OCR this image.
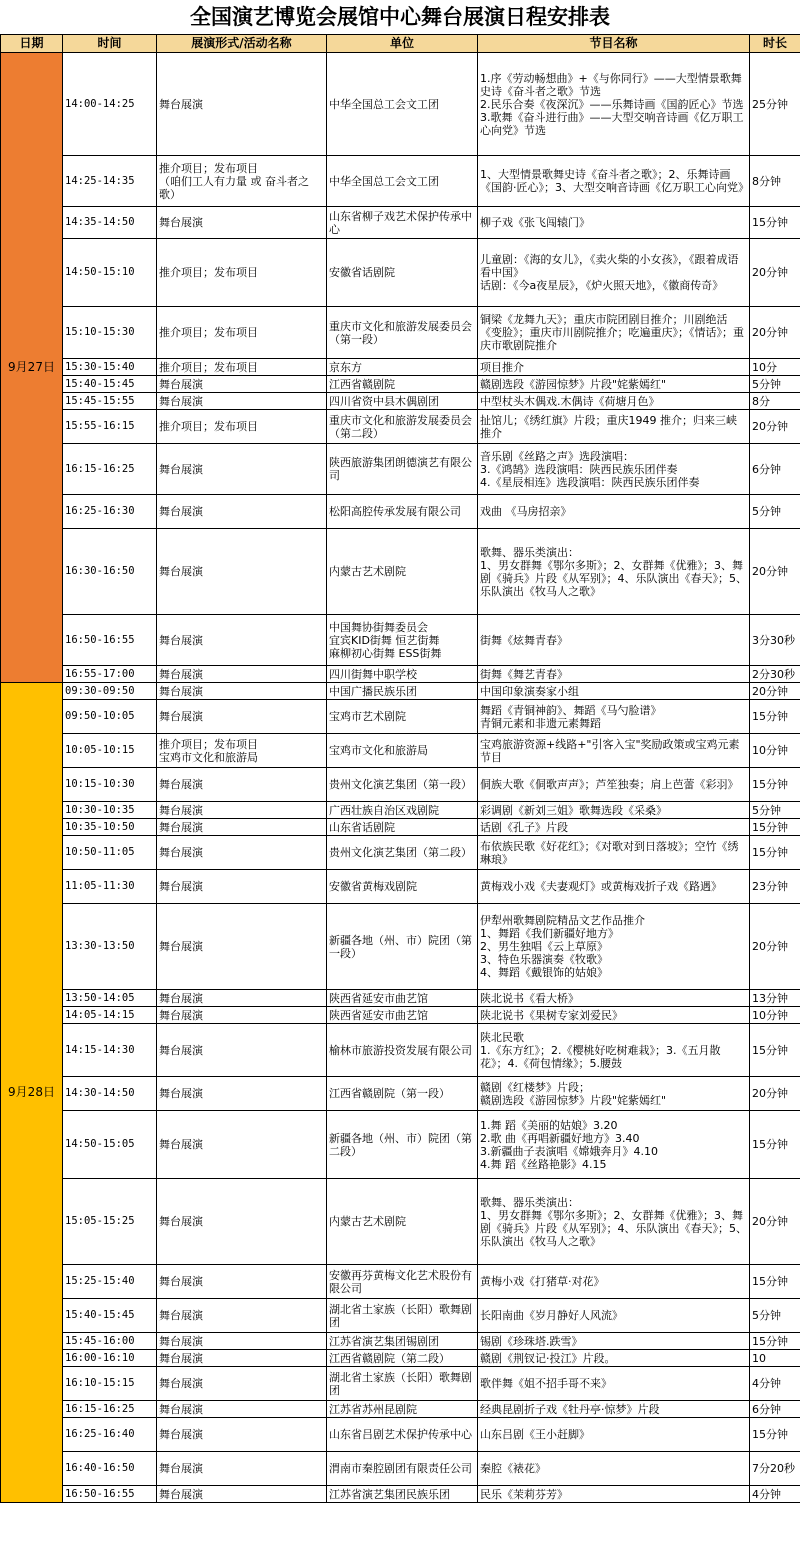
全国演艺博览会展馆中心舞台展演日程安排表
日期	时间	展演形式/活动名称	单位	节目名称	时长
9月27日	14:00-14:25	舞台展演	中华全国总工会文工团	1.序《劳动畅想曲》+《与你同行》——大型情景歌舞史诗《奋斗者之歌》节选
2.民乐合奏《夜深沉》——乐舞诗画《国韵匠心》节选
3.歌舞《奋斗进行曲》——大型交响音诗画《亿万职工心向党》节选	25分钟
	14:25-14:35	推介项目；发布项目
（咱们工人有力量 或 奋斗者之歌）	中华全国总工会文工团	1、大型情景歌舞史诗《奋斗者之歌》；2、乐舞诗画《国韵·匠心》；3、大型交响音诗画《亿万职工心向党》	8分钟
	14:35-14:50	舞台展演	山东省柳子戏艺术保护传承中心	柳子戏《张飞闯辕门》	15分钟
	14:50-15:10	推介项目；发布项目	安徽省话剧院	儿童剧：《海的女儿》，《卖火柴的小女孩》，《跟着成语看中国》
话剧：《今a夜星辰》，《炉火照天地》，《徽商传奇》	20分钟
	15:10-15:30	推介项目；发布项目	重庆市文化和旅游发展委员会（第一段）	铜梁《龙舞九天》；重庆市院团剧目推介；川剧绝活《变脸》；重庆市川剧院推介；吃遍重庆》；《情话》；重庆市歌剧院推介	20分钟
	15:30-15:40	推介项目；发布项目	京东方	项目推介	10分
	15:40-15:45	舞台展演	江西省赣剧院	赣剧选段《游园惊梦》片段"姹紫嫣红"	5分钟
	15:45-15:55	舞台展演	四川省资中县木偶剧团	中型杖头木偶戏.木偶诗《荷塘月色》	8分
	15:55-16:15	推介项目；发布项目	重庆市文化和旅游发展委员会（第二段）	扯馆儿；《绣红旗》片段；重庆1949 推介；归来三峡 推介	20分钟
	16:15-16:25	舞台展演	陕西旅游集团朗德演艺有限公司	音乐剧《丝路之声》选段演唱：
3.《鸿鹄》选段演唱：陕西民族乐团伴奏
4.《星辰相连》选段演唱：陕西民族乐团伴奏	6分钟
	16:25-16:30	舞台展演	松阳高腔传承发展有限公司	戏曲 《马房招亲》	5分钟
	16:30-16:50	舞台展演	内蒙古艺术剧院	歌舞、器乐类演出：
1、男女群舞《鄂尔多斯》；2、女群舞《优雅》；3、舞剧《骑兵》片段《从军别》；4、乐队演出《春天》；5、乐队演出《牧马人之歌》	20分钟
	16:50-16:55	舞台展演	中国舞协街舞委员会
宜宾KID街舞 恒艺街舞
麻柳初心街舞 ESS街舞	街舞《炫舞青春》	3分30秒
	16:55-17:00	舞台展演	四川街舞中职学校	街舞《舞艺青春》	2分30秒
9月28日	09:30-09:50	舞台展演	中国广播民族乐团	中国印象演奏家小组	20分钟
	09:50-10:05	舞台展演	宝鸡市艺术剧院	舞蹈《青铜神韵》、舞蹈《马勺脸谱》
青铜元素和非遗元素舞蹈	15分钟
	10:05-10:15	推介项目；发布项目
宝鸡市文化和旅游局	宝鸡市文化和旅游局	宝鸡旅游资源+线路+"引客入宝"奖励政策或宝鸡元素节目	10分钟
	10:15-10:30	舞台展演	贵州文化演艺集团（第一段）	侗族大歌《侗歌声声》；芦笙独奏；肩上芭蕾《彩羽》	15分钟
	10:30-10:35	舞台展演	广西壮族自治区戏剧院	彩调剧《新刘三姐》歌舞选段《采桑》	5分钟
	10:35-10:50	舞台展演	山东省话剧院	话剧《孔子》片段	15分钟
	10:50-11:05	舞台展演	贵州文化演艺集团（第二段）	布依族民歌《好花红》；《对歌对到日落坡》；空竹《绣琳琅》	15分钟
	11:05-11:30	舞台展演	安徽省黄梅戏剧院	黄梅戏小戏《夫妻观灯》或黄梅戏折子戏《路遇》	23分钟
	13:30-13:50	舞台展演	新疆各地（州、市）院团（第一段）	伊犁州歌舞剧院精品文艺作品推介
1、舞蹈《我们新疆好地方》
2、男生独唱《云上草原》
3、特色乐器演奏《牧歌》
4、舞蹈《戴银饰的姑娘》	20分钟
	13:50-14:05	舞台展演	陕西省延安市曲艺馆	陕北说书《看大桥》	13分钟
	14:05-14:15	舞台展演	陕西省延安市曲艺馆	陕北说书《果树专家刘爱民》	10分钟
	14:15-14:30	舞台展演	榆林市旅游投资发展有限公司	陕北民歌
1.《东方红》；2.《樱桃好吃树难栽》；3.《五月散花》；4.《荷包情缘》；5.腰鼓	15分钟
	14:30-14:50	舞台展演	江西省赣剧院（第一段）	赣剧《红楼梦》片段；
赣剧选段《游园惊梦》片段"姹紫嫣红"	20分钟
	14:50-15:05	舞台展演	新疆各地（州、市）院团（第二段）	1.舞 蹈《美丽的姑娘》3.20
2.歌 曲《再唱新疆好地方》3.40
3.新疆曲子表演唱《嫦娥奔月》4.10
4.舞 蹈《丝路艳影》4.15	15分钟
	15:05-15:25	舞台展演	内蒙古艺术剧院	歌舞、器乐类演出：
1、男女群舞《鄂尔多斯》；2、女群舞《优雅》；3、舞剧《骑兵》片段《从军别》；4、乐队演出《春天》；5、乐队演出《牧马人之歌》	20分钟
	15:25-15:40	舞台展演	安徽再芬黄梅文化艺术股份有限公司	黄梅小戏《打猪草·对花》	15分钟
	15:40-15:45	舞台展演	湖北省土家族（长阳）歌舞剧团	长阳南曲《岁月静好人风流》	5分钟
	15:45-16:00	舞台展演	江苏省演艺集团锡剧团	锡剧《珍珠塔.跌雪》	15分钟
	16:00-16:10	舞台展演	江西省赣剧院（第二段）	赣剧《荆钗记·投江》片段。	10
	16:10-15:15	舞台展演	湖北省土家族（长阳）歌舞剧团	歌伴舞《姐不招手哥不来》	4分钟
	16:15-16:25	舞台展演	江苏省苏州昆剧院	经典昆剧折子戏《牡丹亭·惊梦》片段	6分钟
	16:25-16:40	舞台展演	山东省吕剧艺术保护传承中心	山东吕剧《王小赶脚》	15分钟
	16:40-16:50	舞台展演	渭南市秦腔剧团有限责任公司	秦腔《裱花》	7分20秒
	16:50-16:55	舞台展演	江苏省演艺集团民族乐团	民乐《茉莉芬芳》	4分钟
